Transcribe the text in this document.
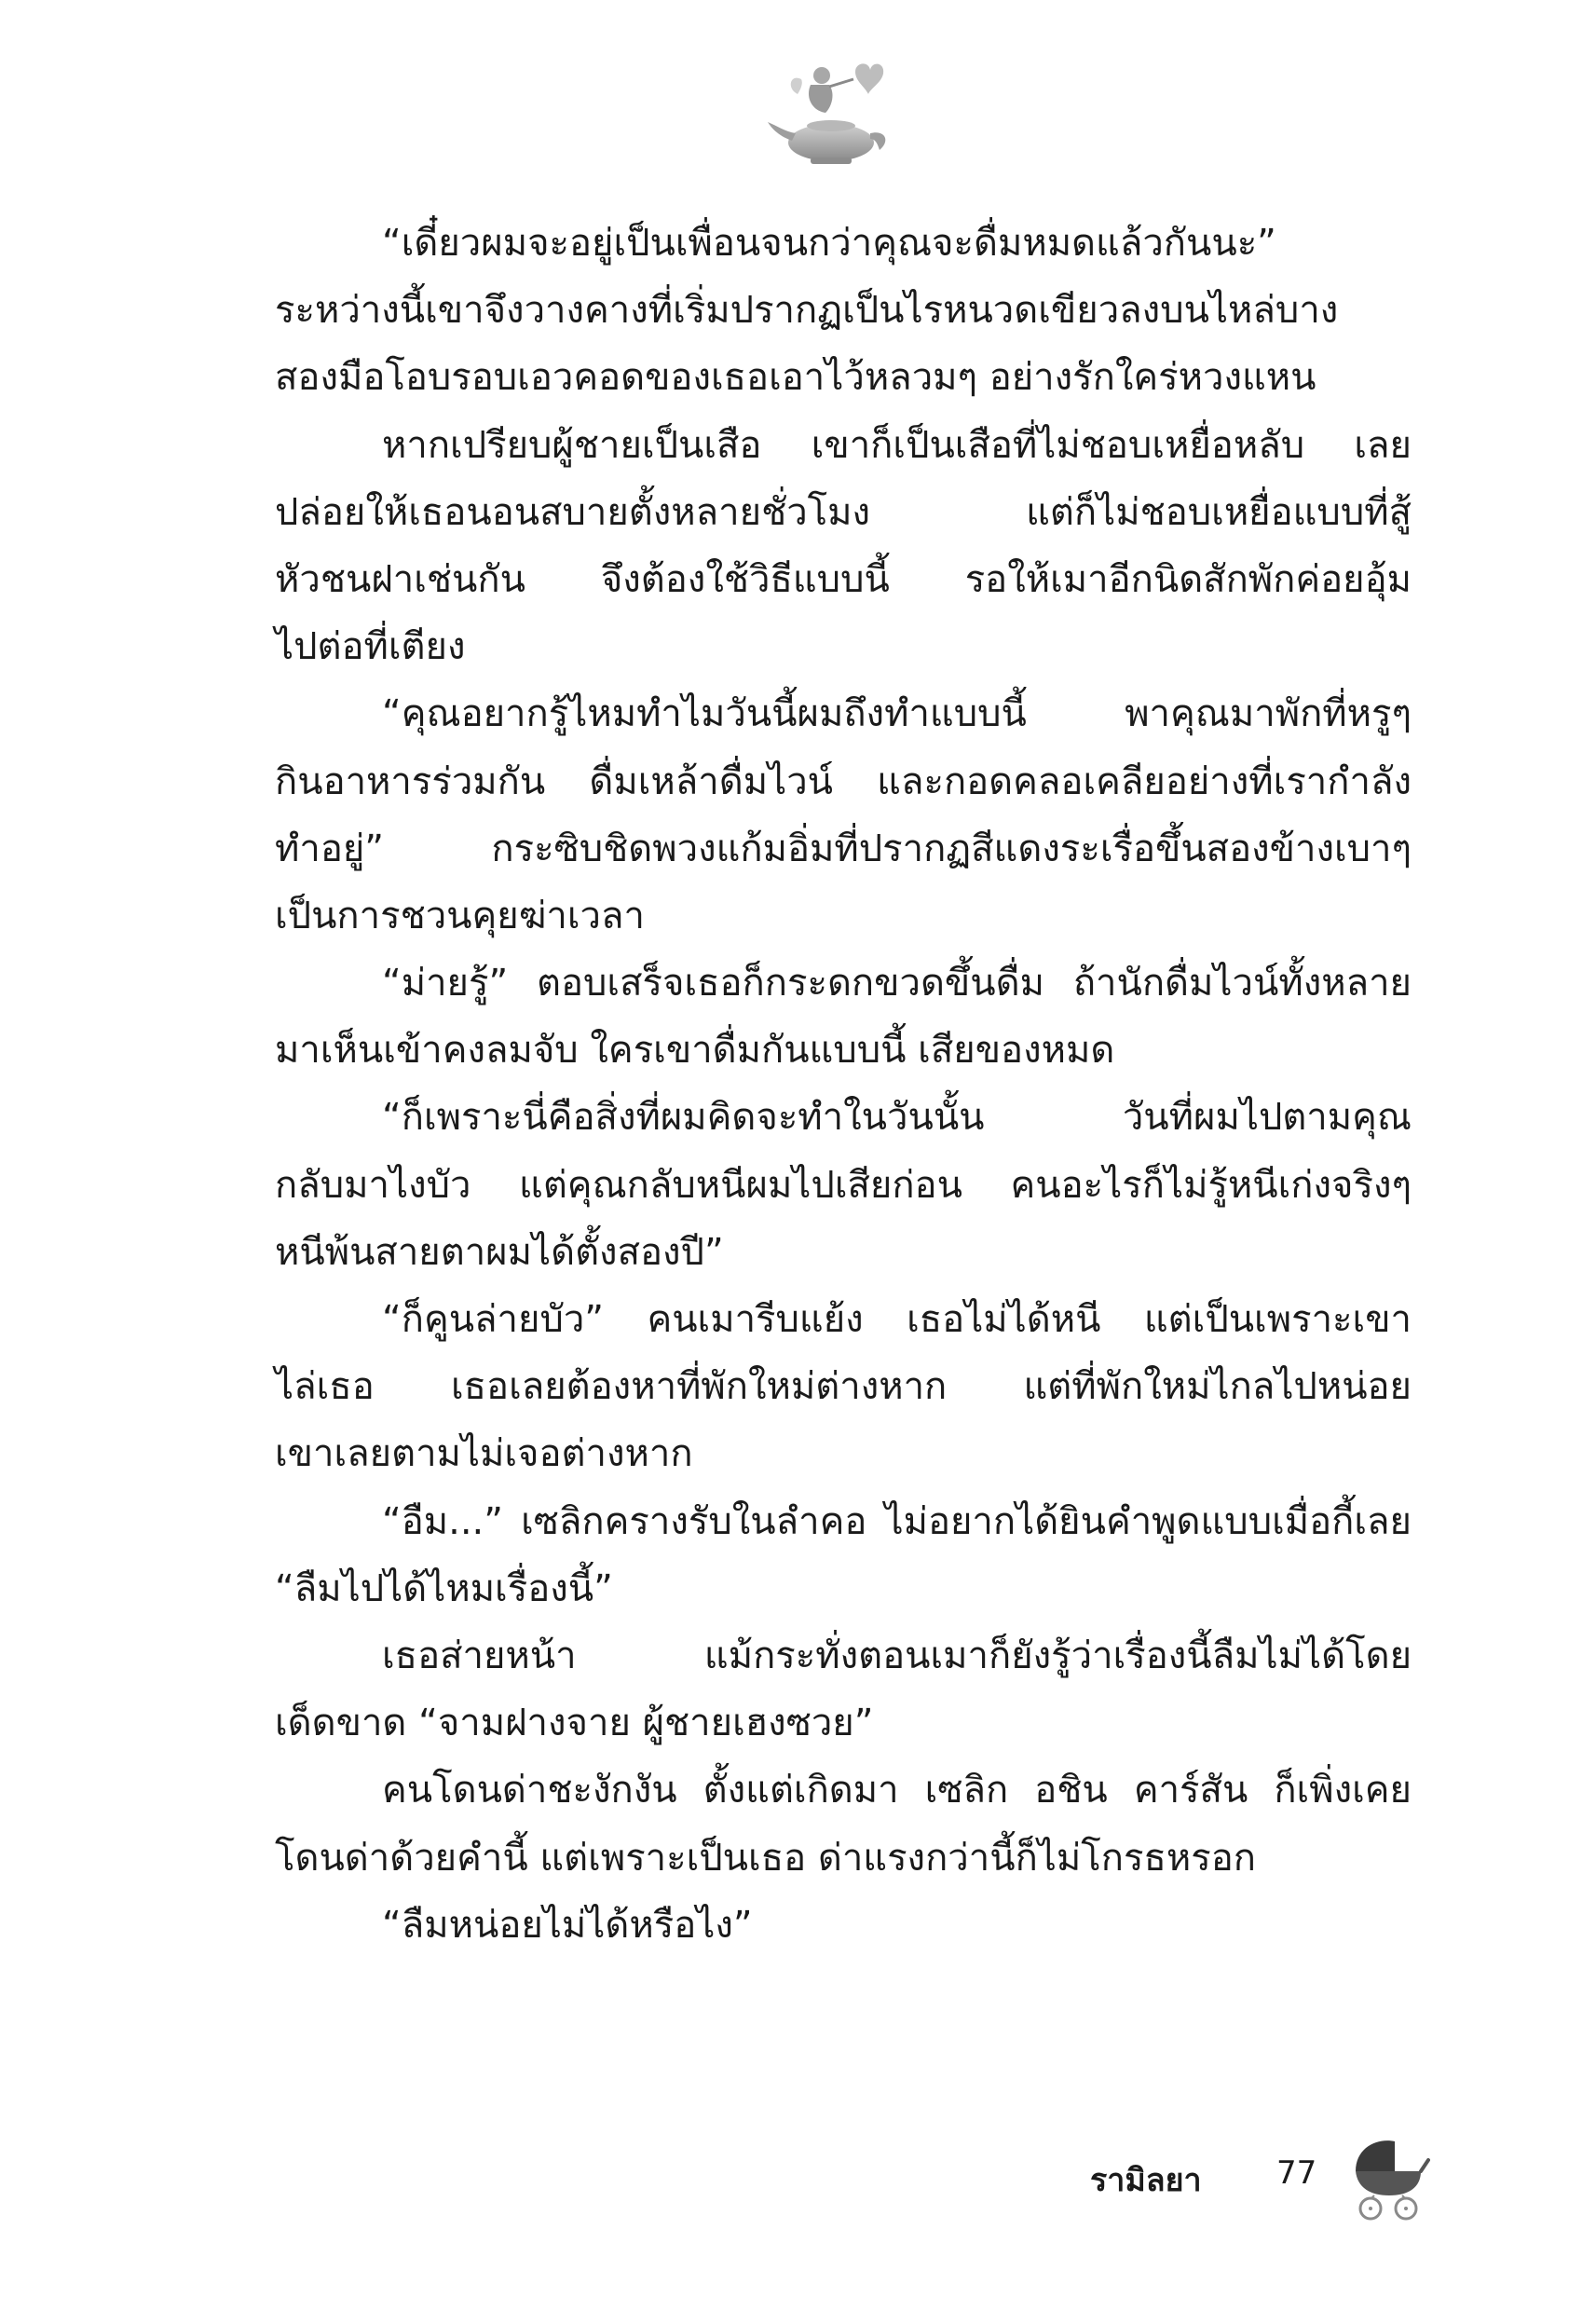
“เดี๋ยวผมจะอยู่เป็นเพื่อนจนกว่าคุณจะดื่มหมดแล้วกันนะ”
ระหว่างนี้เขาจึงวางคางที่เริ่มปรากฏเป็นไรหนวดเขียวลงบนไหล่บาง
สองมือโอบรอบเอวคอดของเธอเอาไว้หลวมๆ อย่างรักใคร่หวงแหน
หากเปรียบผู้ชายเป็นเสือ เขาก็เป็นเสือที่ไม่ชอบเหยื่อหลับ เลย
ปล่อยให้เธอนอนสบายตั้งหลายชั่วโมง แต่ก็ไม่ชอบเหยื่อแบบที่สู้
หัวชนฝาเช่นกัน จึงต้องใช้วิธีแบบนี้ รอให้เมาอีกนิดสักพักค่อยอุ้ม
ไปต่อที่เตียง
“คุณอยากรู้ไหมทำไมวันนี้ผมถึงทำแบบนี้ พาคุณมาพักที่หรูๆ
กินอาหารร่วมกัน ดื่มเหล้าดื่มไวน์ และกอดคลอเคลียอย่างที่เรากำลัง
ทำอยู่” กระซิบชิดพวงแก้มอิ่มที่ปรากฏสีแดงระเรื่อขึ้นสองข้างเบาๆ
เป็นการชวนคุยฆ่าเวลา
“ม่ายรู้” ตอบเสร็จเธอก็กระดกขวดขึ้นดื่ม ถ้านักดื่มไวน์ทั้งหลาย
มาเห็นเข้าคงลมจับ ใครเขาดื่มกันแบบนี้ เสียของหมด
“ก็เพราะนี่คือสิ่งที่ผมคิดจะทำในวันนั้น วันที่ผมไปตามคุณ
กลับมาไงบัว แต่คุณกลับหนีผมไปเสียก่อน คนอะไรก็ไม่รู้หนีเก่งจริงๆ
หนีพ้นสายตาผมได้ตั้งสองปี”
“ก็คูนล่ายบัว” คนเมารีบแย้ง เธอไม่ได้หนี แต่เป็นเพราะเขา
ไล่เธอ เธอเลยต้องหาที่พักใหม่ต่างหาก แต่ที่พักใหม่ไกลไปหน่อย
เขาเลยตามไม่เจอต่างหาก
“อืม...” เซลิกครางรับในลำคอ ไม่อยากได้ยินคำพูดแบบเมื่อกี้เลย
“ลืมไปได้ไหมเรื่องนี้”
เธอส่ายหน้า แม้กระทั่งตอนเมาก็ยังรู้ว่าเรื่องนี้ลืมไม่ได้โดย
เด็ดขาด “จามฝางจาย ผู้ชายเฮงซวย”
คนโดนด่าชะงักงัน ตั้งแต่เกิดมา เซลิก อชิน คาร์สัน ก็เพิ่งเคย
โดนด่าด้วยคำนี้ แต่เพราะเป็นเธอ ด่าแรงกว่านี้ก็ไม่โกรธหรอก
“ลืมหน่อยไม่ได้หรือไง”
รามิลยา 77
